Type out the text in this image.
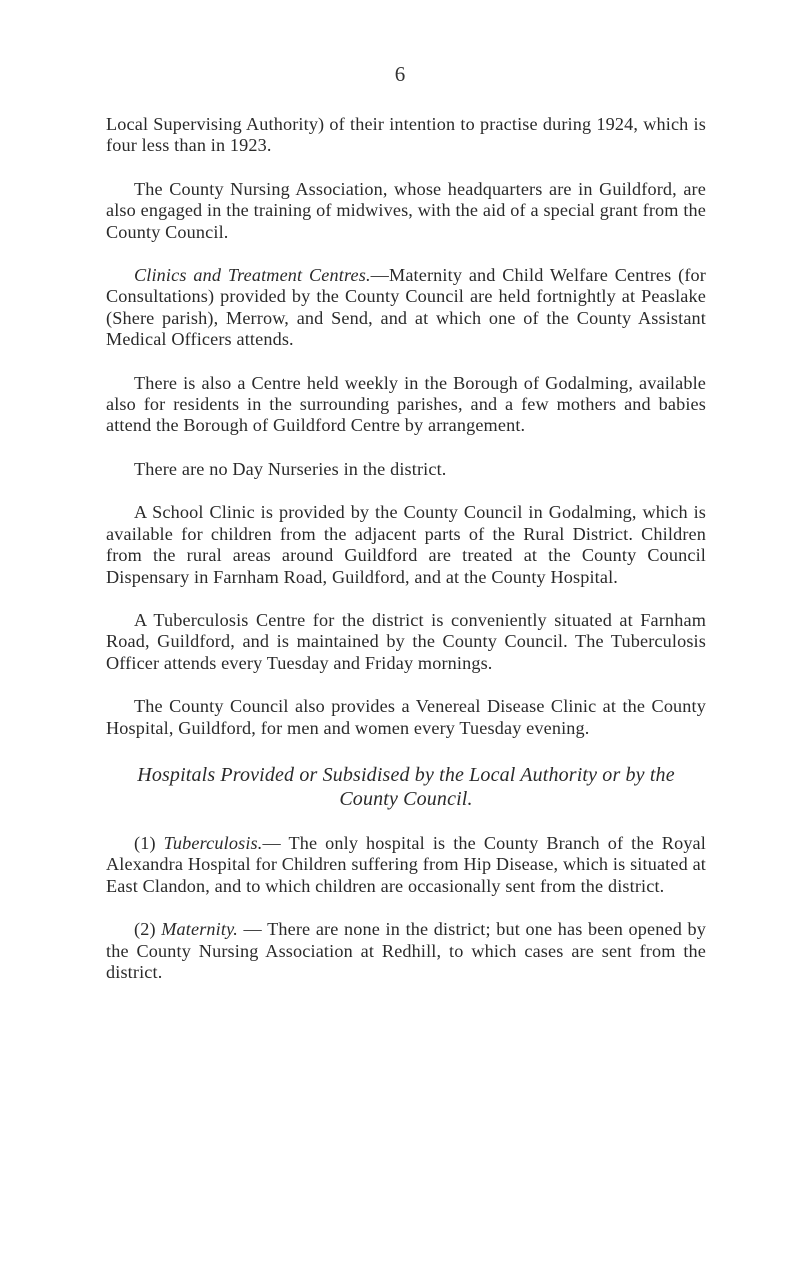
6

Local Supervising Authority) of their intention to practise during 1924, which is four less than in 1923.

The County Nursing Association, whose headquarters are in Guildford, are also engaged in the training of midwives, with the aid of a special grant from the County Council.

Clinics and Treatment Centres.—Maternity and Child Welfare Centres (for Consultations) provided by the County Council are held fortnightly at Peaslake (Shere parish), Merrow, and Send, and at which one of the County Assistant Medical Officers attends.

There is also a Centre held weekly in the Borough of Godalming, available also for residents in the surrounding parishes, and a few mothers and babies attend the Borough of Guildford Centre by arrangement.

There are no Day Nurseries in the district.

A School Clinic is provided by the County Council in Godalming, which is available for children from the adjacent parts of the Rural District. Children from the rural areas around Guildford are treated at the County Council Dispensary in Farnham Road, Guildford, and at the County Hospital.

A Tuberculosis Centre for the district is conveniently situated at Farnham Road, Guildford, and is maintained by the County Council. The Tuberculosis Officer attends every Tuesday and Friday mornings.

The County Council also provides a Venereal Disease Clinic at the County Hospital, Guildford, for men and women every Tuesday evening.

Hospitals Provided or Subsidised by the Local Authority or by the County Council.

(1) Tuberculosis.— The only hospital is the County Branch of the Royal Alexandra Hospital for Children suffering from Hip Disease, which is situated at East Clandon, and to which children are occasionally sent from the district.

(2) Maternity. — There are none in the district; but one has been opened by the County Nursing Association at Redhill, to which cases are sent from the district.
